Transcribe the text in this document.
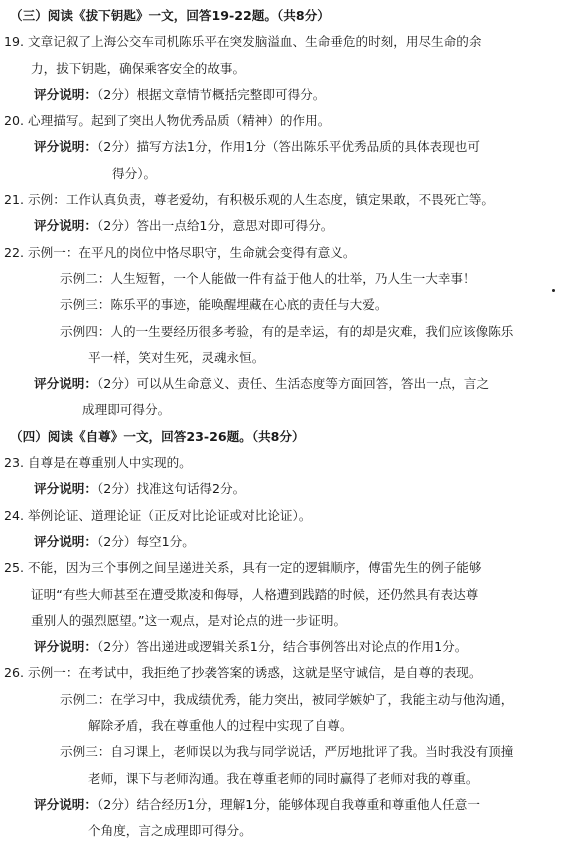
（三）阅读《拔下钥匙》一文，回答19-22题。（共8分）
19. 文章记叙了上海公交车司机陈乐平在突发脑溢血、生命垂危的时刻，用尽生命的余
力，拔下钥匙，确保乘客安全的故事。
评分说明：（2分）根据文章情节概括完整即可得分。
20. 心理描写。起到了突出人物优秀品质（精神）的作用。
评分说明：（2分）描写方法1分，作用1分（答出陈乐平优秀品质的具体表现也可
得分）。
21. 示例：工作认真负责，尊老爱幼，有积极乐观的人生态度，镇定果敢，不畏死亡等。
评分说明：（2分）答出一点给1分，意思对即可得分。
22. 示例一：在平凡的岗位中恪尽职守，生命就会变得有意义。
示例二：人生短暂，一个人能做一件有益于他人的壮举，乃人生一大幸事！
示例三：陈乐平的事迹，能唤醒埋藏在心底的责任与大爱。
示例四：人的一生要经历很多考验，有的是幸运，有的却是灾难，我们应该像陈乐
平一样，笑对生死，灵魂永恒。
评分说明：（2分）可以从生命意义、责任、生活态度等方面回答，答出一点，言之
成理即可得分。
（四）阅读《自尊》一文，回答23-26题。（共8分）
23. 自尊是在尊重别人中实现的。
评分说明：（2分）找准这句话得2分。
24. 举例论证、道理论证（正反对比论证或对比论证）。
评分说明：（2分）每空1分。
25. 不能，因为三个事例之间呈递进关系，具有一定的逻辑顺序，傅雷先生的例子能够
证明“有些大师甚至在遭受欺凌和侮辱，人格遭到践踏的时候，还仍然具有表达尊
重别人的强烈愿望。”这一观点，是对论点的进一步证明。
评分说明：（2分）答出递进或逻辑关系1分，结合事例答出对论点的作用1分。
26. 示例一：在考试中，我拒绝了抄袭答案的诱惑，这就是坚守诚信，是自尊的表现。
示例二：在学习中，我成绩优秀，能力突出，被同学嫉妒了，我能主动与他沟通，
解除矛盾，我在尊重他人的过程中实现了自尊。
示例三：自习课上，老师误以为我与同学说话，严厉地批评了我。当时我没有顶撞
老师，课下与老师沟通。我在尊重老师的同时赢得了老师对我的尊重。
评分说明：（2分）结合经历1分，理解1分，能够体现自我尊重和尊重他人任意一
个角度，言之成理即可得分。
